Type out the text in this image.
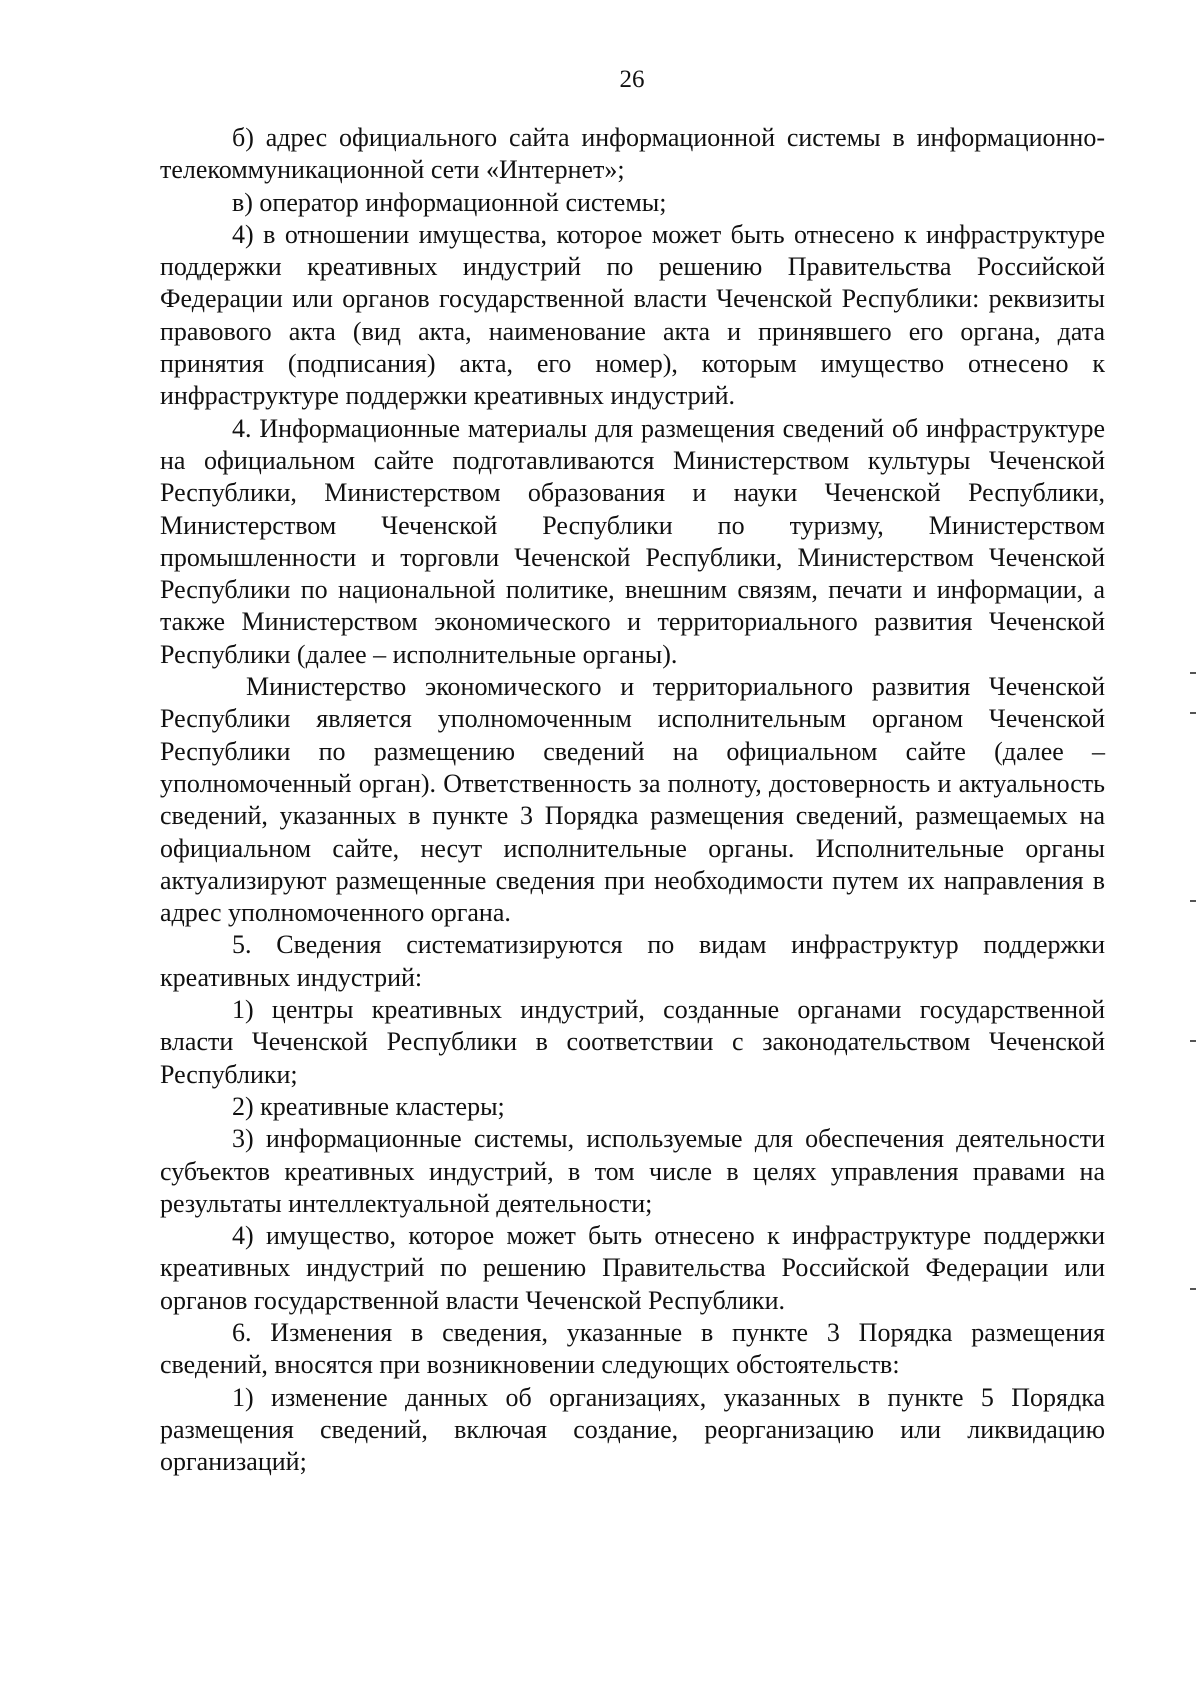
26

б) адрес официального сайта информационной системы в информационно-телекоммуникационной сети «Интернет»;

в) оператор информационной системы;

4) в отношении имущества, которое может быть отнесено к инфраструктуре поддержки креативных индустрий по решению Правительства Российской Федерации или органов государственной власти Чеченской Республики: реквизиты правового акта (вид акта, наименование акта и принявшего его органа, дата принятия (подписания) акта, его номер), которым имущество отнесено к инфраструктуре поддержки креативных индустрий.

4. Информационные материалы для размещения сведений об инфраструктуре на официальном сайте подготавливаются Министерством культуры Чеченской Республики, Министерством образования и науки Чеченской Республики, Министерством Чеченской Республики по туризму, Министерством промышленности и торговли Чеченской Республики, Министерством Чеченской Республики по национальной политике, внешним связям, печати и информации, а также Министерством экономического и территориального развития Чеченской Республики (далее – исполнительные органы).

Министерство экономического и территориального развития Чеченской Республики является уполномоченным исполнительным органом Чеченской Республики по размещению сведений на официальном сайте (далее – уполномоченный орган). Ответственность за полноту, достоверность и актуальность сведений, указанных в пункте 3 Порядка размещения сведений, размещаемых на официальном сайте, несут исполнительные органы. Исполнительные органы актуализируют размещенные сведения при необходимости путем их направления в адрес уполномоченного органа.

5. Сведения систематизируются по видам инфраструктур поддержки креативных индустрий:

1) центры креативных индустрий, созданные органами государственной власти Чеченской Республики в соответствии с законодательством Чеченской Республики;

2) креативные кластеры;

3) информационные системы, используемые для обеспечения деятельности субъектов креативных индустрий, в том числе в целях управления правами на результаты интеллектуальной деятельности;

4) имущество, которое может быть отнесено к инфраструктуре поддержки креативных индустрий по решению Правительства Российской Федерации или органов государственной власти Чеченской Республики.

6. Изменения в сведения, указанные в пункте 3 Порядка размещения сведений, вносятся при возникновении следующих обстоятельств:

1) изменение данных об организациях, указанных в пункте 5 Порядка размещения сведений, включая создание, реорганизацию или ликвидацию организаций;
